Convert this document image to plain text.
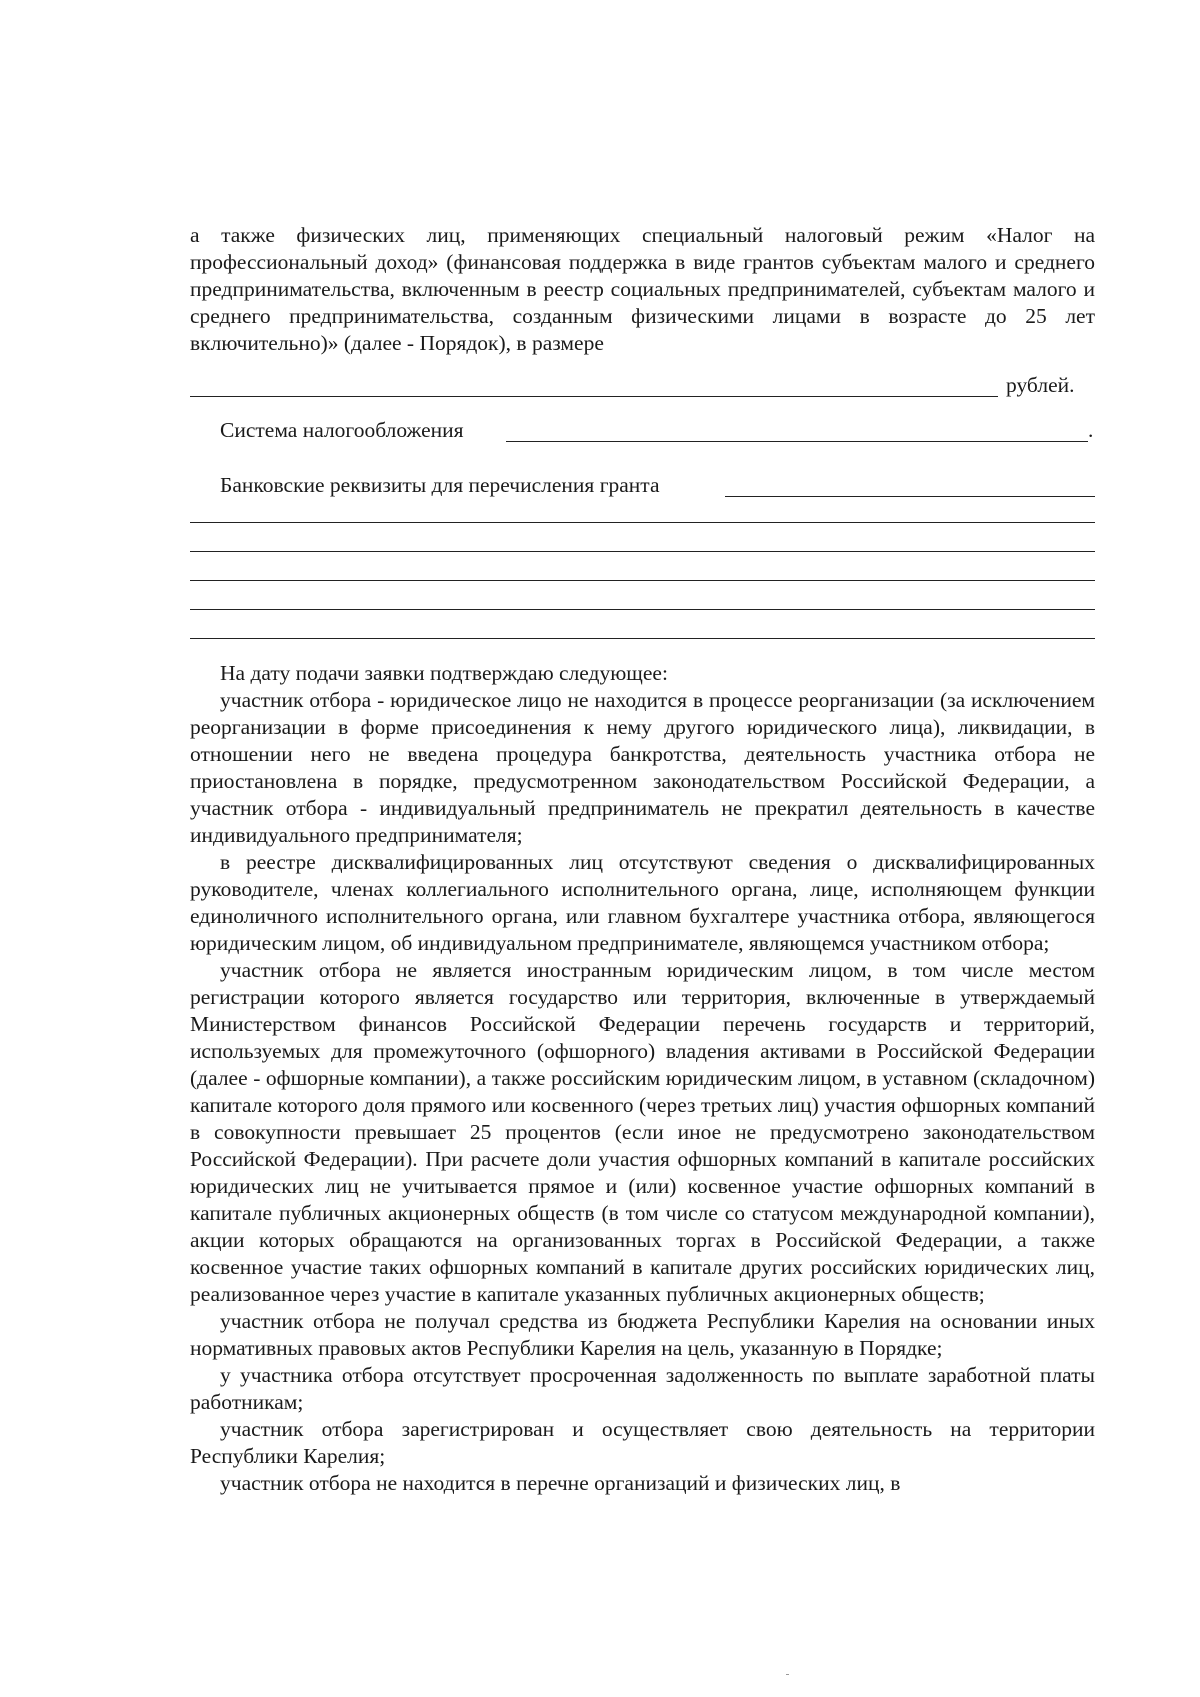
а также физических лиц, применяющих специальный налоговый режим «Налог на профессиональный доход» (финансовая поддержка в виде грантов субъектам малого и среднего предпринимательства, включенным в реестр социальных предпринимателей, субъектам малого и среднего предпринимательства, созданным физическими лицами в возрасте до 25 лет включительно)» (далее - Порядок), в размере

рублей.
Система налогообложения	.
Банковские реквизиты для перечисления гранта

На дату подачи заявки подтверждаю следующее:

участник отбора - юридическое лицо не находится в процессе реорганизации (за исключением реорганизации в форме присоединения к нему другого юридического лица), ликвидации, в отношении него не введена процедура банкротства, деятельность участника отбора не приостановлена в порядке, предусмотренном законодательством Российской Федерации, а участник отбора - индивидуальный предприниматель не прекратил деятельность в качестве индивидуального предпринимателя;

в реестре дисквалифицированных лиц отсутствуют сведения о дисквалифицированных руководителе, членах коллегиального исполнительного органа, лице, исполняющем функции единоличного исполнительного органа, или главном бухгалтере участника отбора, являющегося юридическим лицом, об индивидуальном предпринимателе, являющемся участником отбора;

участник отбора не является иностранным юридическим лицом, в том числе местом регистрации которого является государство или территория, включенные в утверждаемый Министерством финансов Российской Федерации перечень государств и территорий, используемых для промежуточного (офшорного) владения активами в Российской Федерации (далее - офшорные компании), а также российским юридическим лицом, в уставном (складочном) капитале которого доля прямого или косвенного (через третьих лиц) участия офшорных компаний в совокупности превышает 25 процентов (если иное не предусмотрено законодательством Российской Федерации). При расчете доли участия офшорных компаний в капитале российских юридических лиц не учитывается прямое и (или) косвенное участие офшорных компаний в капитале публичных акционерных обществ (в том числе со статусом международной компании), акции которых обращаются на организованных торгах в Российской Федерации, а также косвенное участие таких офшорных компаний в капитале других российских юридических лиц, реализованное через участие в капитале указанных публичных акционерных обществ;

участник отбора не получал средства из бюджета Республики Карелия на основании иных нормативных правовых актов Республики Карелия на цель, указанную в Порядке;

у участника отбора отсутствует просроченная задолженность по выплате заработной платы работникам;

участник отбора зарегистрирован и осуществляет свою деятельность на территории Республики Карелия;

участник отбора не находится в перечне организаций и физических лиц, в
